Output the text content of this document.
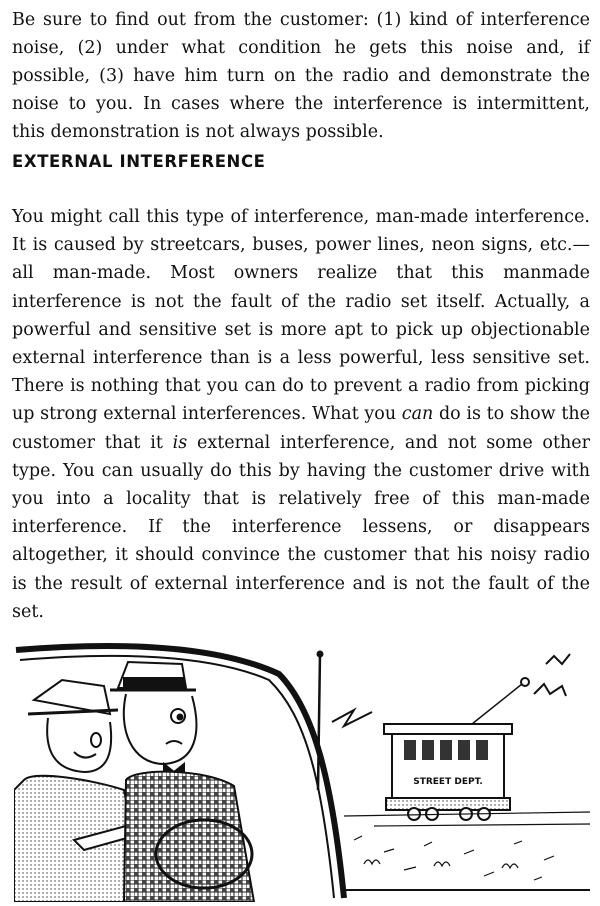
Be sure to find out from the customer: (1) kind of interference noise, (2) under what condition he gets this noise and, if possible, (3) have him turn on the radio and demonstrate the noise to you. In cases where the interference is intermittent, this demonstration is not always possible.

EXTERNAL INTERFERENCE

You might call this type of interference, man-made interference. It is caused by streetcars, buses, power lines, neon signs, etc.—all man-made. Most owners realize that this manmade interference is not the fault of the radio set itself. Actually, a powerful and sensitive set is more apt to pick up objectionable external interference than is a less powerful, less sensitive set. There is nothing that you can do to prevent a radio from picking up strong external interferences. What you can do is to show the customer that it is external interference, and not some other type. You can usually do this by having the customer drive with you into a locality that is relatively free of this man-made interference. If the interference lessens, or disappears altogether, it should convince the customer that his noisy radio is the result of external interference and is not the fault of the set.

STREET DEPT.
